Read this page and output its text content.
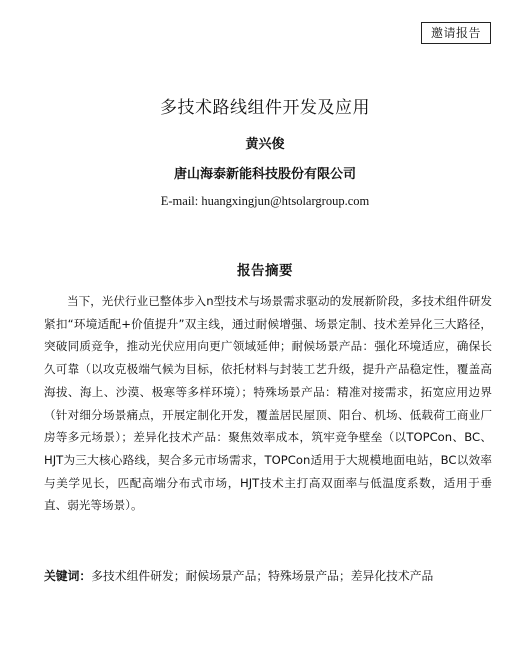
邀请报告
多技术路线组件开发及应用
黄兴俊
唐山海泰新能科技股份有限公司
E-mail: huangxingjun@htsolargroup.com
报告摘要

当下，光伏行业已整体步入n型技术与场景需求驱动的发展新阶段，多技术组件研发紧扣“环境适配+价值提升”双主线，通过耐候增强、场景定制、技术差异化三大路径，突破同质竞争，推动光伏应用向更广领域延伸；耐候场景产品：强化环境适应，确保长久可靠（以攻克极端气候为目标，依托材料与封装工艺升级，提升产品稳定性，覆盖高海拔、海上、沙漠、极寒等多样环境）；特殊场景产品：精准对接需求，拓宽应用边界（针对细分场景痛点，开展定制化开发，覆盖居民屋顶、阳台、机场、低载荷工商业厂房等多元场景）；差异化技术产品：聚焦效率成本，筑牢竞争壁垒（以TOPCon、BC、HJT为三大核心路线，契合多元市场需求，TOPCon适用于大规模地面电站，BC以效率与美学见长，匹配高端分布式市场，HJT技术主打高双面率与低温度系数，适用于垂直、弱光等场景）。

关键词：多技术组件研发；耐候场景产品；特殊场景产品；差异化技术产品
